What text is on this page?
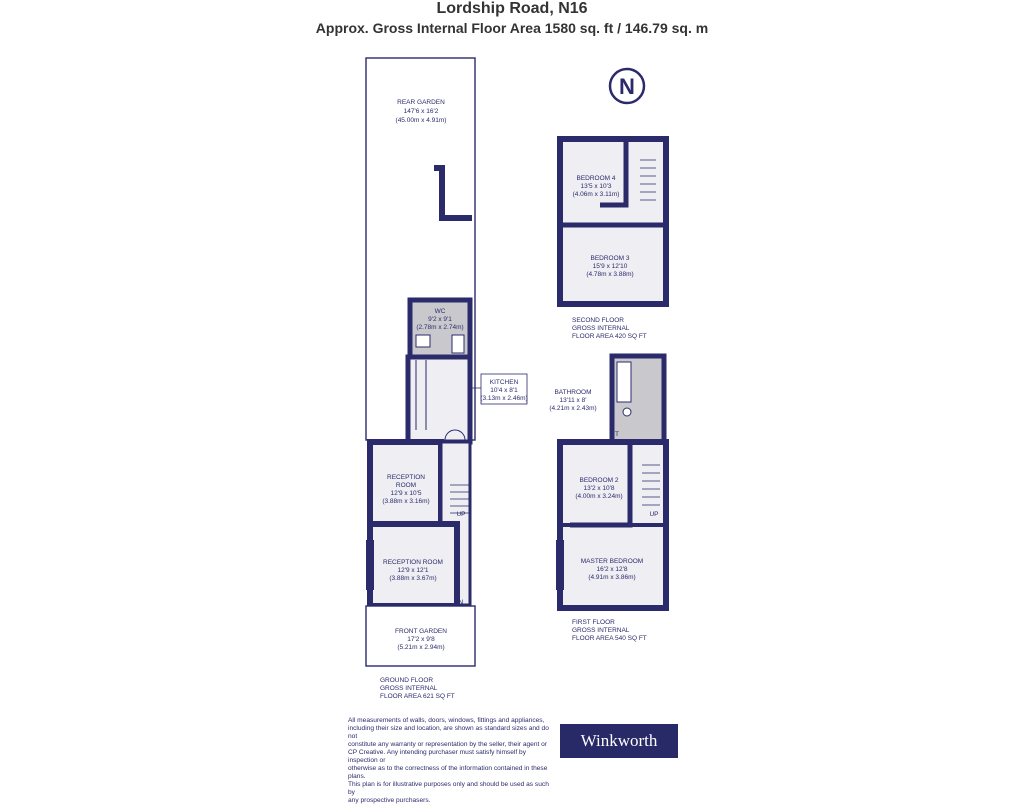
Lordship Road, N16
Approx. Gross Internal Floor Area 1580 sq. ft / 146.79 sq. m
REAR GARDEN
147'6 x 16'2
(45.00m x 4.91m)
WC
9'2 x 9'1
(2.78m x 2.74m)
KITCHEN
10'4 x 8'1
(3.13m x 2.46m)
RECEPTION
ROOM
12'9 x 10'5
(3.88m x 3.16m)
UP
RECEPTION ROOM
12'9 x 12'1
(3.88m x 3.67m)
IN
FRONT GARDEN
17'2 x 9'8
(5.21m x 2.94m)
GROUND FLOOR
GROSS INTERNAL
FLOOR AREA 621 SQ FT
N
BEDROOM 4
13'5 x 10'3
(4.06m x 3.11m)
BEDROOM 3
15'9 x 12'10
(4.78m x 3.88m)
SECOND FLOOR
GROSS INTERNAL
FLOOR AREA 420 SQ FT
BATHROOM
13'11 x 8'
(4.21m x 2.43m)
T
BEDROOM 2
13'2 x 10'8
(4.00m x 3.24m)
UP
MASTER BEDROOM
16'2 x 12'8
(4.91m x 3.86m)
FIRST FLOOR
GROSS INTERNAL
FLOOR AREA 540 SQ FT
All measurements of walls, doors, windows, fittings and appliances,
including their size and location, are shown as standard sizes and do not
constitute any warranty or representation by the seller, their agent or
CP Creative. Any intending purchaser must satisfy himself by inspection or
otherwise as to the correctness of the information contained in these plans.
This plan is for illustrative purposes only and should be used as such by
any prospective purchasers.
Winkworth
